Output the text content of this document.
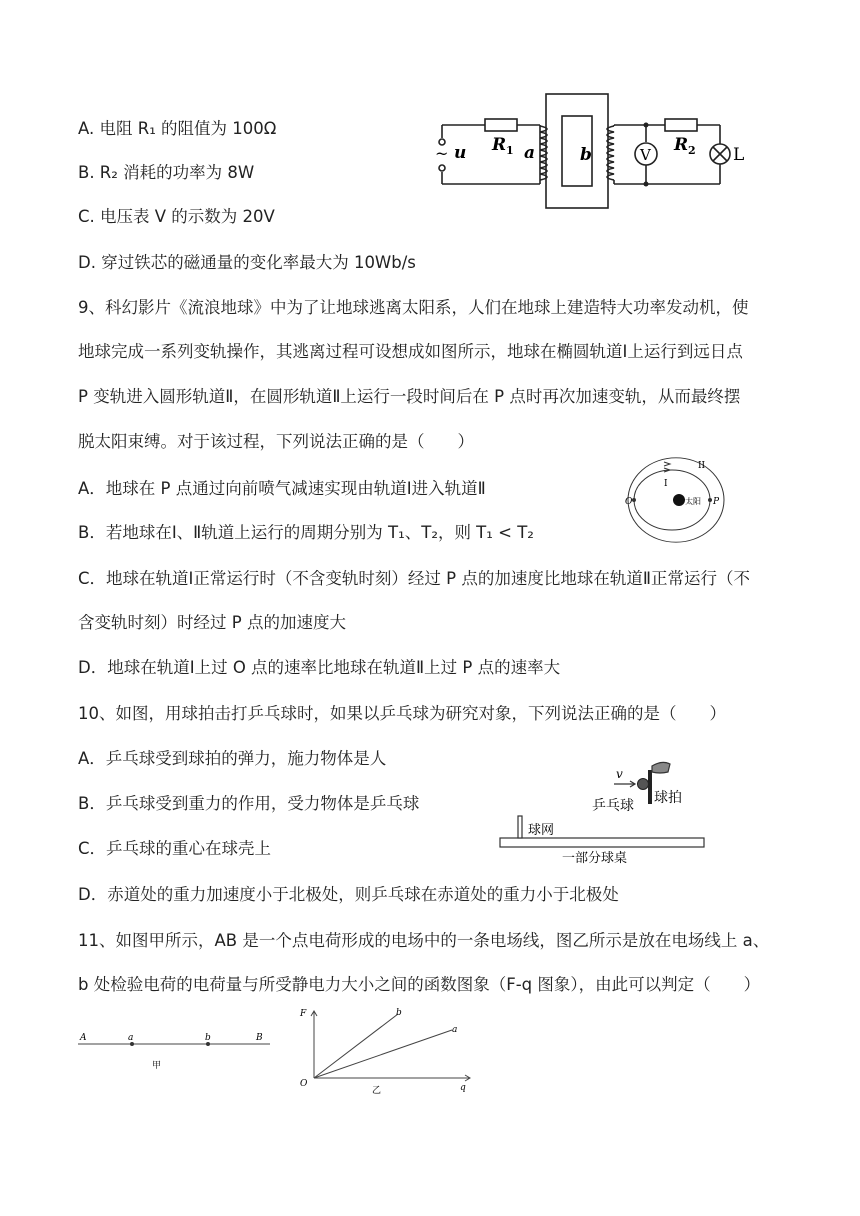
A. 电阻 R₁ 的阻值为 100Ω
B. R₂ 消耗的功率为 8W
C. 电压表 V 的示数为 20V
D. 穿过铁芯的磁通量的变化率最大为 10Wb/s
~ u R 1 a	b	V R 2 L
9、科幻影片《流浪地球》中为了让地球逃离太阳系，人们在地球上建造特大功率发动机，使
地球完成一系列变轨操作，其逃离过程可设想成如图所示，地球在椭圆轨道Ⅰ上运行到远日点
P 变轨进入圆形轨道Ⅱ，在圆形轨道Ⅱ上运行一段时间后在 P 点时再次加速变轨，从而最终摆
脱太阳束缚。对于该过程，下列说法正确的是（　　）
A．地球在 P 点通过向前喷气减速实现由轨道Ⅰ进入轨道Ⅱ
B．若地球在Ⅰ、Ⅱ轨道上运行的周期分别为 T₁、T₂，则 T₁ < T₂
C．地球在轨道Ⅰ正常运行时（不含变轨时刻）经过 P 点的加速度比地球在轨道Ⅱ正常运行（不
含变轨时刻）时经过 P 点的加速度大
D．地球在轨道Ⅰ上过 O 点的速率比地球在轨道Ⅱ上过 P 点的速率大
I
II
O	P
太阳
10、如图，用球拍击打乒乓球时，如果以乒乓球为研究对象，下列说法正确的是（　　）
A．乒乓球受到球拍的弹力，施力物体是人
B．乒乓球受到重力的作用，受力物体是乒乓球
C．乒乓球的重心在球壳上
D．赤道处的重力加速度小于北极处，则乒乓球在赤道处的重力小于北极处
v
球拍
乒乓球
球网
一部分球桌
11、如图甲所示，AB 是一个点电荷形成的电场中的一条电场线，图乙所示是放在电场线上 a、
b 处检验电荷的电荷量与所受静电力大小之间的函数图象（F-q 图象），由此可以判定（　　）
A	a	b	B
甲
F
q
O
b
a
乙
